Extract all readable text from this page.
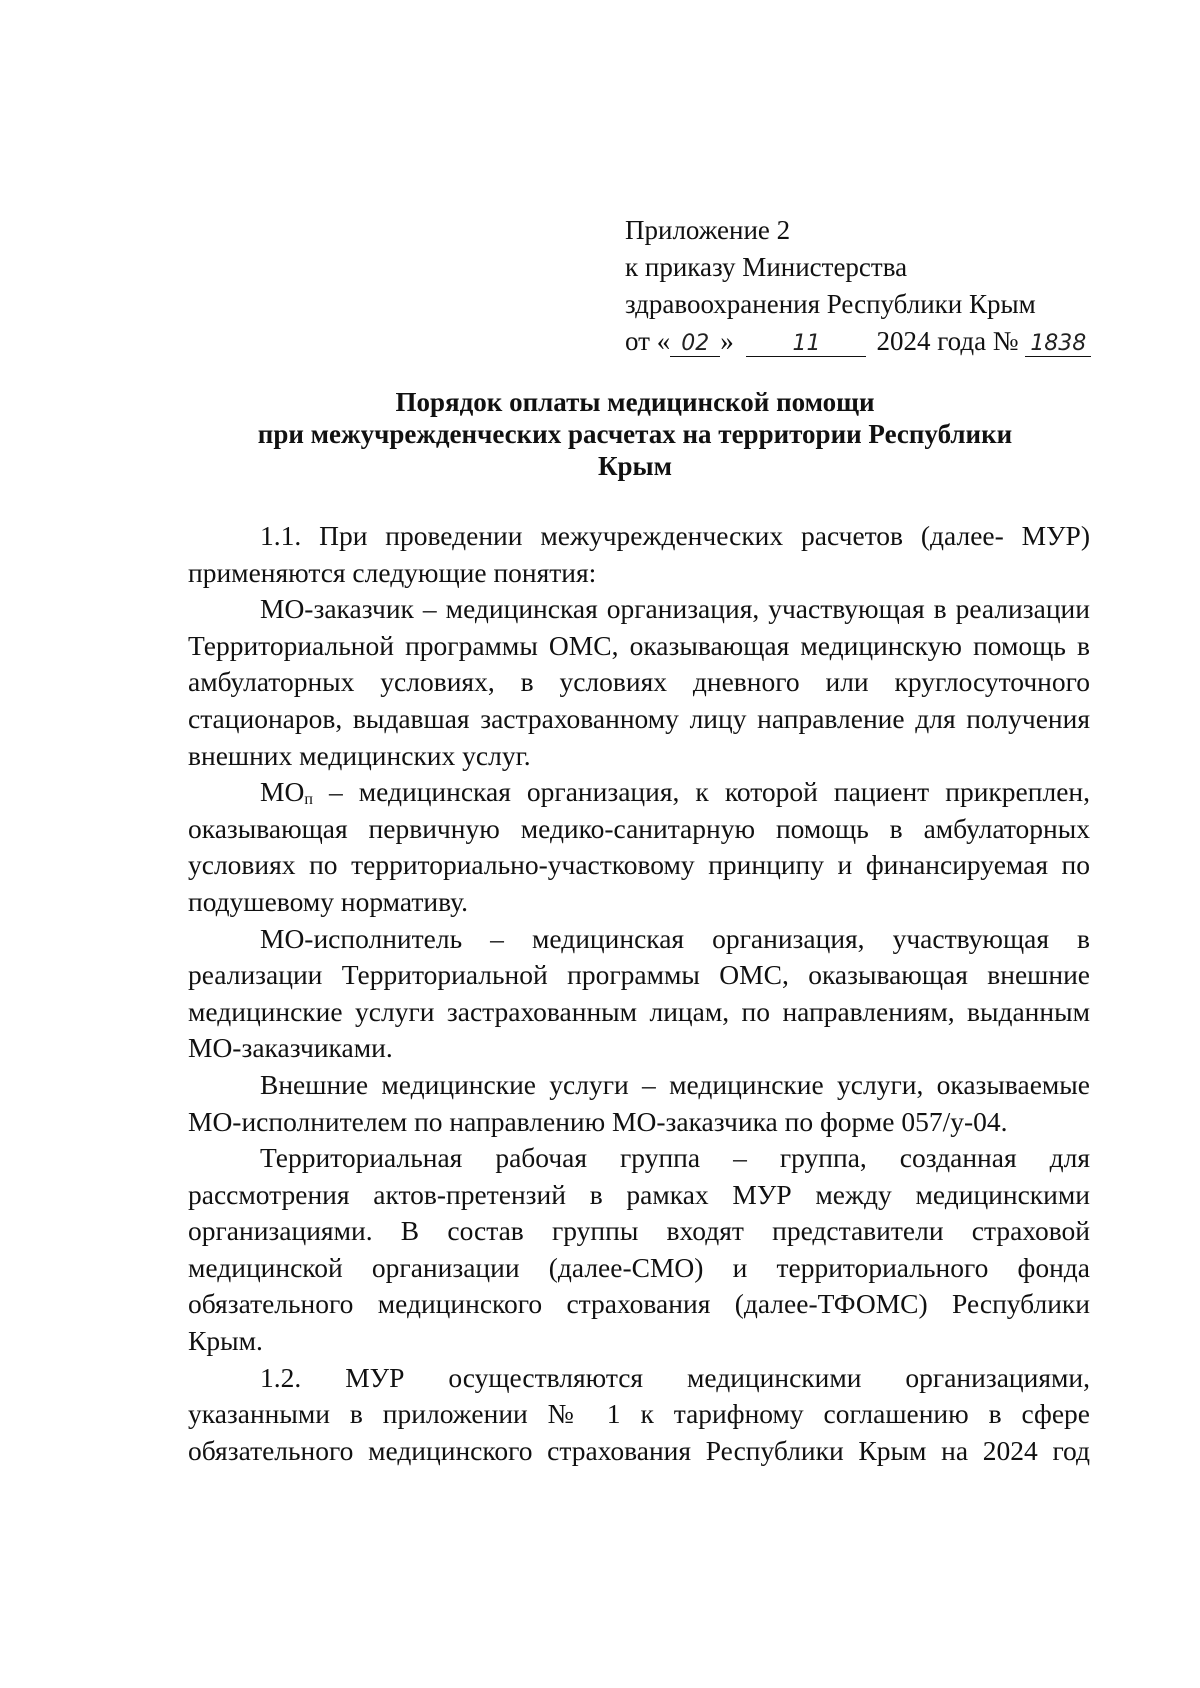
Приложение 2
к приказу Министерства
здравоохранения Республики Крым
от « 02 »	11 2024 года № 1838
Порядок оплаты медицинской помощи
при межучрежденческих расчетах на территории Республики
Крым

1.1. При проведении межучрежденческих расчетов (далее- МУР) применяются следующие понятия:

МО-заказчик – медицинская организация, участвующая в реализации Территориальной программы ОМС, оказывающая медицинскую помощь в амбулаторных условиях, в условиях дневного или круглосуточного стационаров, выдавшая застрахованному лицу направление для получения внешних медицинских услуг.

$МО_п$ – медицинская организация, к которой пациент прикреплен, оказывающая первичную медико-санитарную помощь в амбулаторных условиях по территориально-участковому принципу и финансируемая по подушевому нормативу.

МО-исполнитель – медицинская организация, участвующая в реализации Территориальной программы ОМС, оказывающая внешние медицинские услуги застрахованным лицам, по направлениям, выданным МО-заказчиками.

Внешние медицинские услуги – медицинские услуги, оказываемые МО-исполнителем по направлению МО-заказчика по форме 057/у-04.

Территориальная рабочая группа – группа, созданная для рассмотрения актов-претензий в рамках МУР между медицинскими организациями. В состав группы входят представители страховой медицинской организации (далее-СМО) и территориального фонда обязательного медицинского страхования (далее-ТФОМС) Республики Крым.

1.2. МУР осуществляются медицинскими организациями, указанными в приложении № 1 к тарифному соглашению в сфере обязательного медицинского страхования Республики Крым на 2024 год
